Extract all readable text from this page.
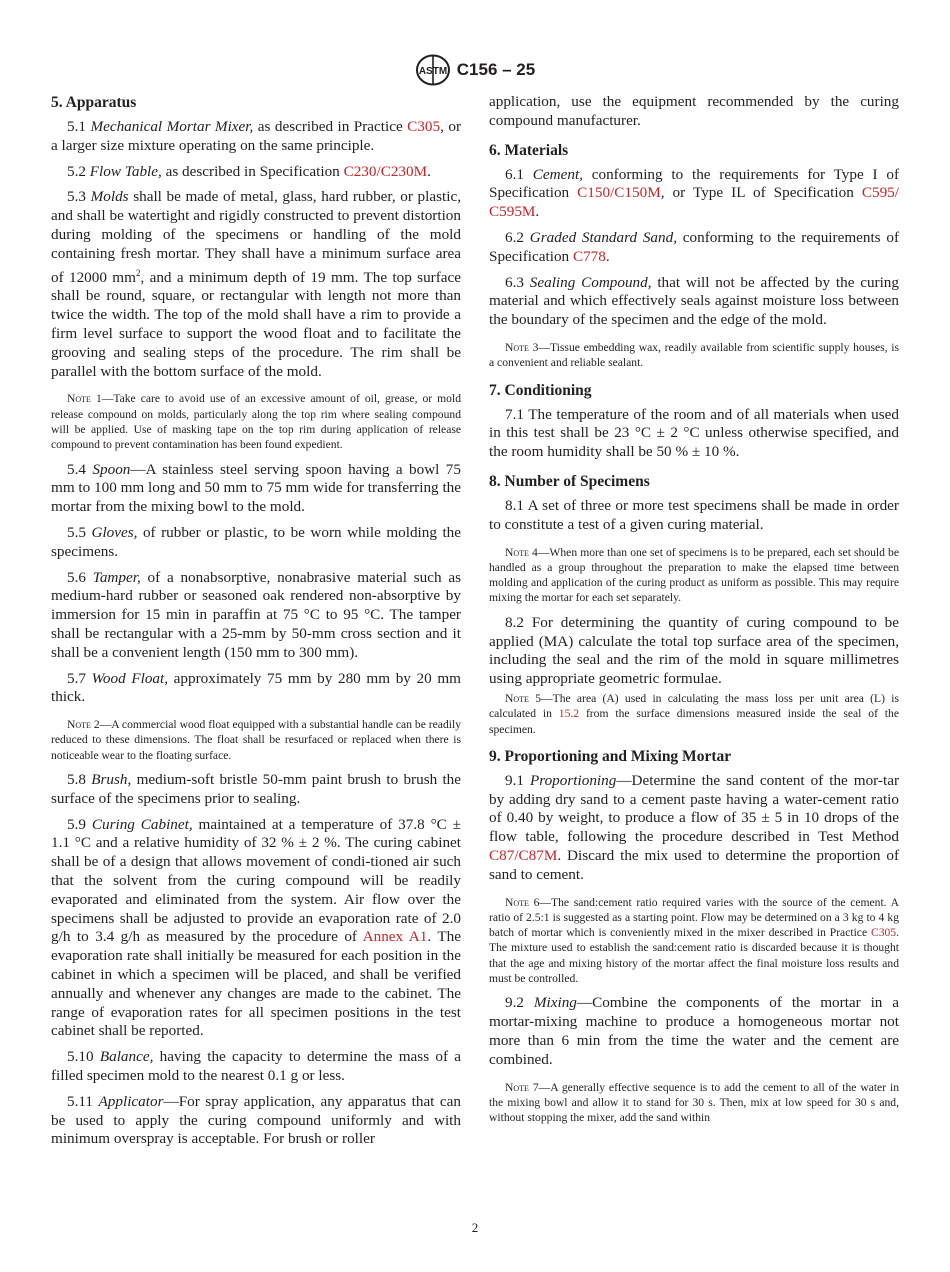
ASTM C156 – 25
5. Apparatus

5.1 Mechanical Mortar Mixer, as described in Practice C305, or a larger size mixture operating on the same principle.

5.2 Flow Table, as described in Specification C230/C230M.

5.3 Molds shall be made of metal, glass, hard rubber, or plastic, and shall be watertight and rigidly constructed to prevent distortion during molding of the specimens or handling of the mold containing fresh mortar. They shall have a minimum surface area of 12000 $mm^2$, and a minimum depth of 19 mm. The top surface shall be round, square, or rectangular with length not more than twice the width. The top of the mold shall have a rim to provide a firm level surface to support the wood float and to facilitate the grooving and sealing steps of the procedure. The rim shall be parallel with the bottom surface of the mold.

Note 1—Take care to avoid use of an excessive amount of oil, grease, or mold release compound on molds, particularly along the top rim where sealing compound will be applied. Use of masking tape on the top rim during application of release compound to prevent contamination has been found expedient.

5.4 Spoon—A stainless steel serving spoon having a bowl 75 mm to 100 mm long and 50 mm to 75 mm wide for transferring the mortar from the mixing bowl to the mold.

5.5 Gloves, of rubber or plastic, to be worn while molding the specimens.

5.6 Tamper, of a nonabsorptive, nonabrasive material such as medium-hard rubber or seasoned oak rendered non-absorptive by immersion for 15 min in paraffin at 75 °C to 95 °C. The tamper shall be rectangular with a 25-mm by 50-mm cross section and it shall be a convenient length (150 mm to 300 mm).

5.7 Wood Float, approximately 75 mm by 280 mm by 20 mm thick.

Note 2—A commercial wood float equipped with a substantial handle can be readily reduced to these dimensions. The float shall be resurfaced or replaced when there is noticeable wear to the floating surface.

5.8 Brush, medium-soft bristle 50-mm paint brush to brush the surface of the specimens prior to sealing.

5.9 Curing Cabinet, maintained at a temperature of 37.8 °C ± 1.1 °C and a relative humidity of 32 % ± 2 %. The curing cabinet shall be of a design that allows movement of condi-tioned air such that the solvent from the curing compound will be readily evaporated and eliminated from the system. Air flow over the specimens shall be adjusted to provide an evaporation rate of 2.0 g/h to 3.4 g/h as measured by the procedure of Annex A1. The evaporation rate shall initially be measured for each position in the cabinet in which a specimen will be placed, and shall be verified annually and whenever any changes are made to the cabinet. The range of evaporation rates for all specimen positions in the test cabinet shall be reported.

5.10 Balance, having the capacity to determine the mass of a filled specimen mold to the nearest 0.1 g or less.

5.11 Applicator—For spray application, any apparatus that can be used to apply the curing compound uniformly and with minimum overspray is acceptable. For brush or roller

application, use the equipment recommended by the curing compound manufacturer.

6. Materials

6.1 Cement, conforming to the requirements for Type I of Specification C150/C150M, or Type IL of Specification C595/ C595M.

6.2 Graded Standard Sand, conforming to the requirements of Specification C778.

6.3 Sealing Compound, that will not be affected by the curing material and which effectively seals against moisture loss between the boundary of the specimen and the edge of the mold.

Note 3—Tissue embedding wax, readily available from scientific supply houses, is a convenient and reliable sealant.

7. Conditioning

7.1 The temperature of the room and of all materials when used in this test shall be 23 °C ± 2 °C unless otherwise specified, and the room humidity shall be 50 % ± 10 %.

8. Number of Specimens

8.1 A set of three or more test specimens shall be made in order to constitute a test of a given curing material.

Note 4—When more than one set of specimens is to be prepared, each set should be handled as a group throughout the preparation to make the elapsed time between molding and application of the curing product as uniform as possible. This may require mixing the mortar for each set separately.

8.2 For determining the quantity of curing compound to be applied (MA) calculate the total top surface area of the specimen, including the seal and the rim of the mold in square millimetres using appropriate geometric formulae.

Note 5—The area (A) used in calculating the mass loss per unit area (L) is calculated in 15.2 from the surface dimensions measured inside the seal of the specimen.

9. Proportioning and Mixing Mortar

9.1 Proportioning—Determine the sand content of the mor-tar by adding dry sand to a cement paste having a water-cement ratio of 0.40 by weight, to produce a flow of 35 ± 5 in 10 drops of the flow table, following the procedure described in Test Method C87/C87M. Discard the mix used to determine the proportion of sand to cement.

Note 6—The sand:cement ratio required varies with the source of the cement. A ratio of 2.5:1 is suggested as a starting point. Flow may be determined on a 3 kg to 4 kg batch of mortar which is conveniently mixed in the mixer described in Practice C305. The mixture used to establish the sand:cement ratio is discarded because it is thought that the age and mixing history of the mortar affect the final moisture loss results and must be controlled.

9.2 Mixing—Combine the components of the mortar in a mortar-mixing machine to produce a homogeneous mortar not more than 6 min from the time the water and the cement are combined.

Note 7—A generally effective sequence is to add the cement to all of the water in the mixing bowl and allow it to stand for 30 s. Then, mix at low speed for 30 s and, without stopping the mixer, add the sand within

2
